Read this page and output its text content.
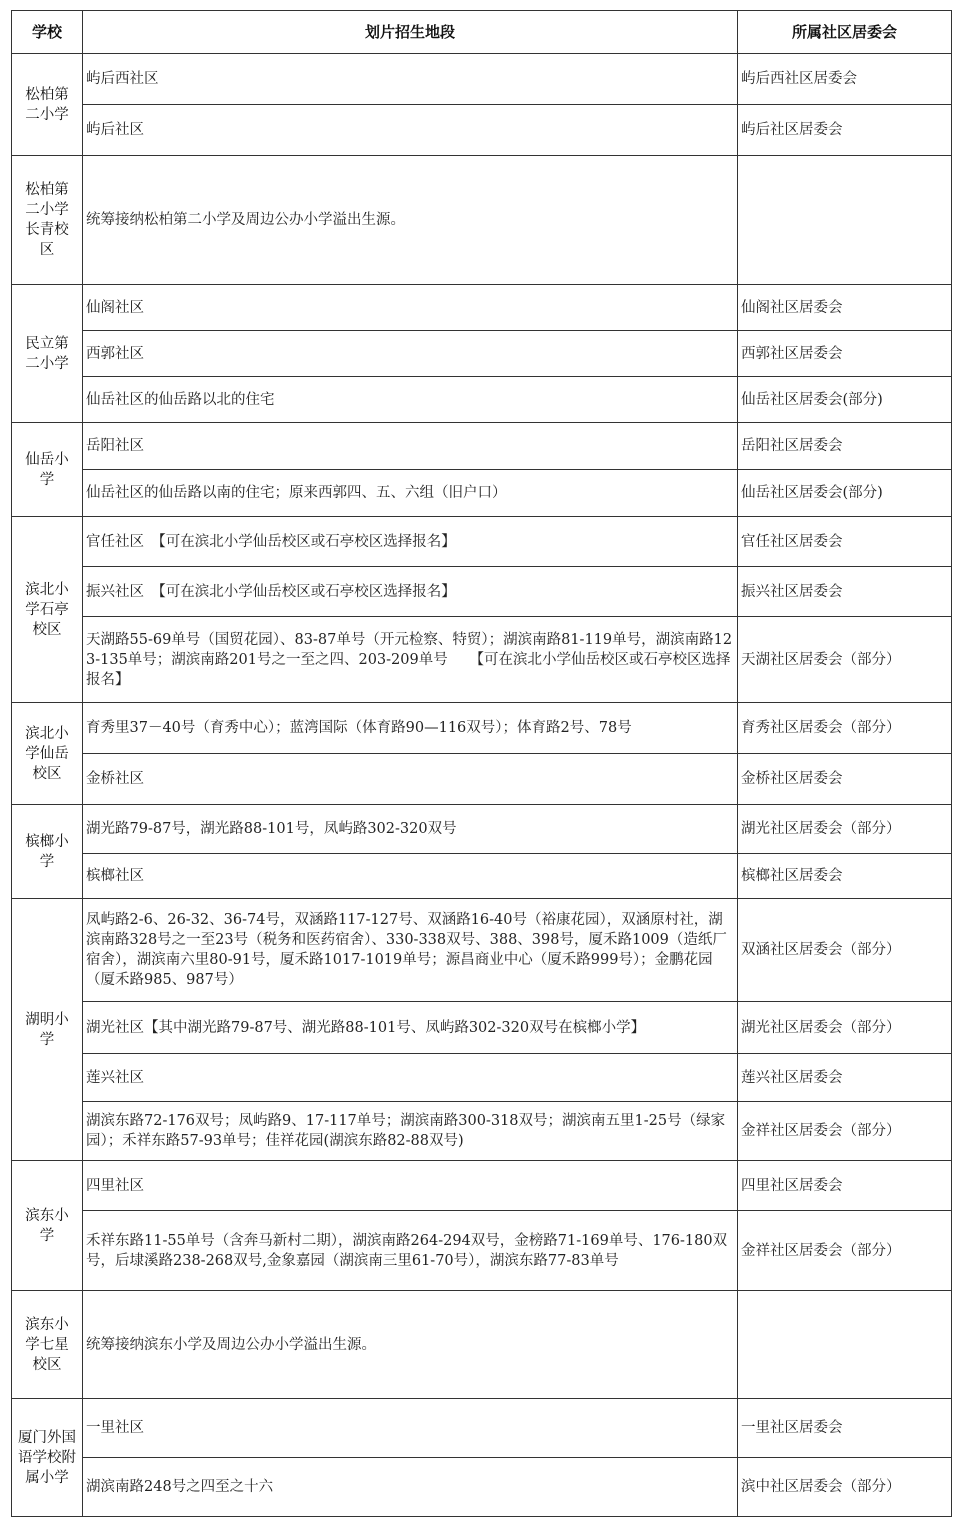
学校	划片招生地段	所属社区居委会
松柏第二小学	屿后西社区	屿后西社区居委会
	屿后社区	屿后社区居委会
松柏第二小学长青校区	统筹接纳松柏第二小学及周边公办小学溢出生源。	
民立第二小学	仙阁社区	仙阁社区居委会
	西郭社区	西郭社区居委会
	仙岳社区的仙岳路以北的住宅	仙岳社区居委会(部分)
仙岳小学	岳阳社区	岳阳社区居委会
	仙岳社区的仙岳路以南的住宅；原来西郭四、五、六组（旧户口）	仙岳社区居委会(部分)
滨北小学石亭校区	官任社区　【可在滨北小学仙岳校区或石亭校区选择报名】	官任社区居委会
	振兴社区　【可在滨北小学仙岳校区或石亭校区选择报名】	振兴社区居委会
	天湖路55-69单号（国贸花园）、83-87单号（开元检察、特贸）；湖滨南路81-119单号，湖滨南路123-135单号；湖滨南路201号之一至之四、203-209单号　　【可在滨北小学仙岳校区或石亭校区选择报名】	天湖社区居委会（部分）
滨北小学仙岳校区	育秀里37－40号（育秀中心）；蓝湾国际（体育路90—116双号）；体育路2号、78号	育秀社区居委会（部分）
	金桥社区	金桥社区居委会
槟榔小学	湖光路79-87号，湖光路88-101号，凤屿路302-320双号	湖光社区居委会（部分）
	槟榔社区	槟榔社区居委会
湖明小学	凤屿路2-6、26-32、36-74号，双涵路117-127号、双涵路16-40号（裕康花园），双涵原村社，湖滨南路328号之一至23号（税务和医药宿舍）、330-338双号、388、398号，厦禾路1009（造纸厂宿舍），湖滨南六里80-91号，厦禾路1017-1019单号；源昌商业中心（厦禾路999号）；金鹏花园（厦禾路985、987号）	双涵社区居委会（部分）
	湖光社区【其中湖光路79-87号、湖光路88-101号、凤屿路302-320双号在槟榔小学】	湖光社区居委会（部分）
	莲兴社区	莲兴社区居委会
	湖滨东路72-176双号；凤屿路9、17-117单号；湖滨南路300-318双号；湖滨南五里1-25号（绿家园）；禾祥东路57-93单号；佳祥花园(湖滨东路82-88双号)	金祥社区居委会（部分）
滨东小学	四里社区	四里社区居委会
	禾祥东路11-55单号（含奔马新村二期），湖滨南路264-294双号，金榜路71-169单号、176-180双号，后埭溪路238-268双号,金象嘉园（湖滨南三里61-70号），湖滨东路77-83单号	金祥社区居委会（部分）
滨东小学七星校区	统筹接纳滨东小学及周边公办小学溢出生源。	
厦门外国语学校附属小学	一里社区	一里社区居委会
	湖滨南路248号之四至之十六	滨中社区居委会（部分）
